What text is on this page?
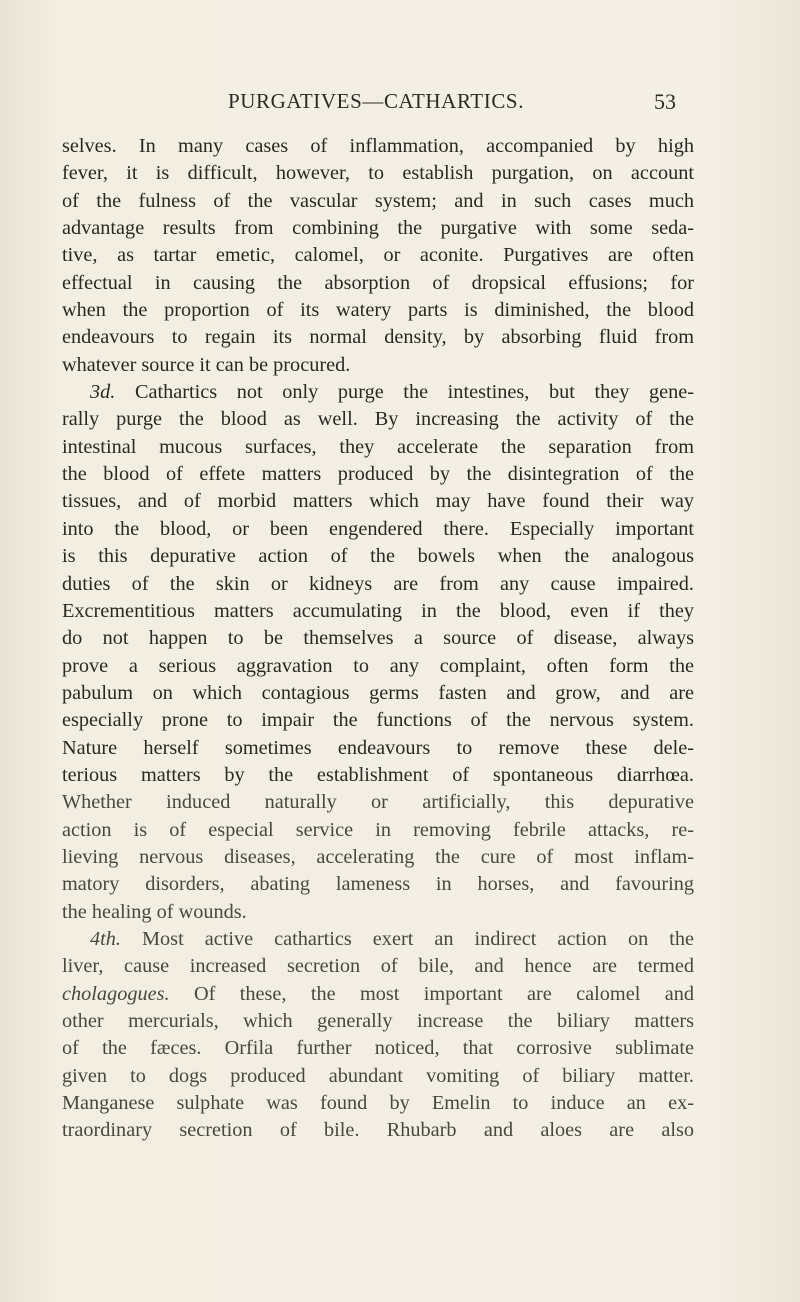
PURGATIVES—CATHARTICS.	53
selves. In many cases of inflammation, accompanied by high
fever, it is difficult, however, to establish purgation, on account
of the fulness of the vascular system; and in such cases much
advantage results from combining the purgative with some seda-
tive, as tartar emetic, calomel, or aconite. Purgatives are often
effectual in causing the absorption of dropsical effusions; for
when the proportion of its watery parts is diminished, the blood
endeavours to regain its normal density, by absorbing fluid from
whatever source it can be procured.
3d. Cathartics not only purge the intestines, but they gene-
rally purge the blood as well. By increasing the activity of the
intestinal mucous surfaces, they accelerate the separation from
the blood of effete matters produced by the disintegration of the
tissues, and of morbid matters which may have found their way
into the blood, or been engendered there. Especially important
is this depurative action of the bowels when the analogous
duties of the skin or kidneys are from any cause impaired.
Excrementitious matters accumulating in the blood, even if they
do not happen to be themselves a source of disease, always
prove a serious aggravation to any complaint, often form the
pabulum on which contagious germs fasten and grow, and are
especially prone to impair the functions of the nervous system.
Nature herself sometimes endeavours to remove these dele-
terious matters by the establishment of spontaneous diarrhœa.
Whether induced naturally or artificially, this depurative
action is of especial service in removing febrile attacks, re-
lieving nervous diseases, accelerating the cure of most inflam-
matory disorders, abating lameness in horses, and favouring
the healing of wounds.
4th. Most active cathartics exert an indirect action on the
liver, cause increased secretion of bile, and hence are termed
cholagogues. Of these, the most important are calomel and
other mercurials, which generally increase the biliary matters
of the fæces. Orfila further noticed, that corrosive sublimate
given to dogs produced abundant vomiting of biliary matter.
Manganese sulphate was found by Emelin to induce an ex-
traordinary secretion of bile. Rhubarb and aloes are also
